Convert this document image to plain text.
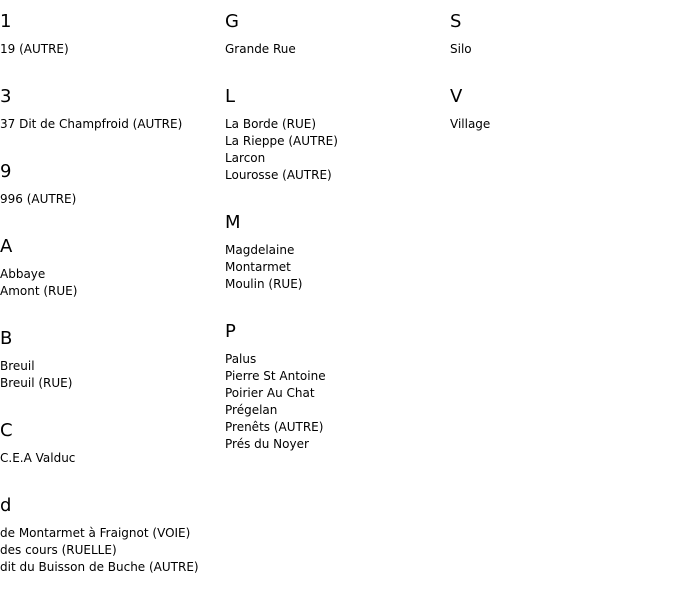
1
19 (AUTRE)
3
37 Dit de Champfroid (AUTRE)
9
996 (AUTRE)
A
Abbaye
Amont (RUE)
B
Breuil
Breuil (RUE)
C
C.E.A Valduc
d
de Montarmet à Fraignot (VOIE)
des cours (RUELLE)
dit du Buisson de Buche (AUTRE)
G
Grande Rue
L
La Borde (RUE)
La Rieppe (AUTRE)
Larcon
Lourosse (AUTRE)
M
Magdelaine
Montarmet
Moulin (RUE)
P
Palus
Pierre St Antoine
Poirier Au Chat
Prégelan
Prenêts (AUTRE)
Prés du Noyer
S
Silo
V
Village
